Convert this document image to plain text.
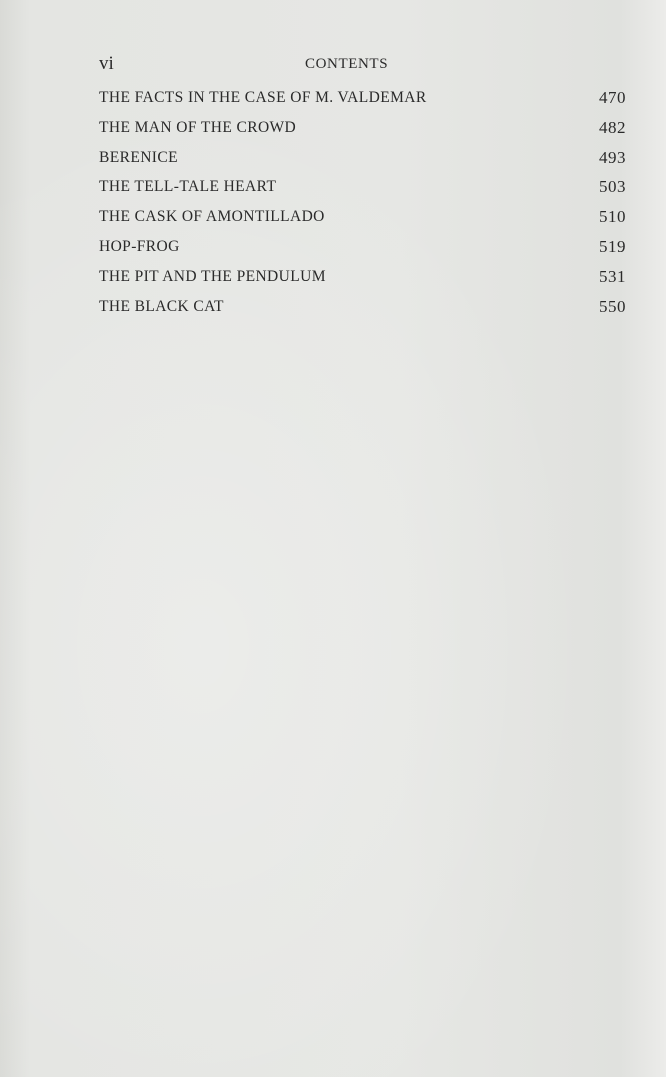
vi	CONTENTS
THE FACTS IN THE CASE OF M. VALDEMAR	470
THE MAN OF THE CROWD	482
BERENICE	493
THE TELL-TALE HEART	503
THE CASK OF AMONTILLADO	510
HOP-FROG	519
THE PIT AND THE PENDULUM	531
THE BLACK CAT	550
